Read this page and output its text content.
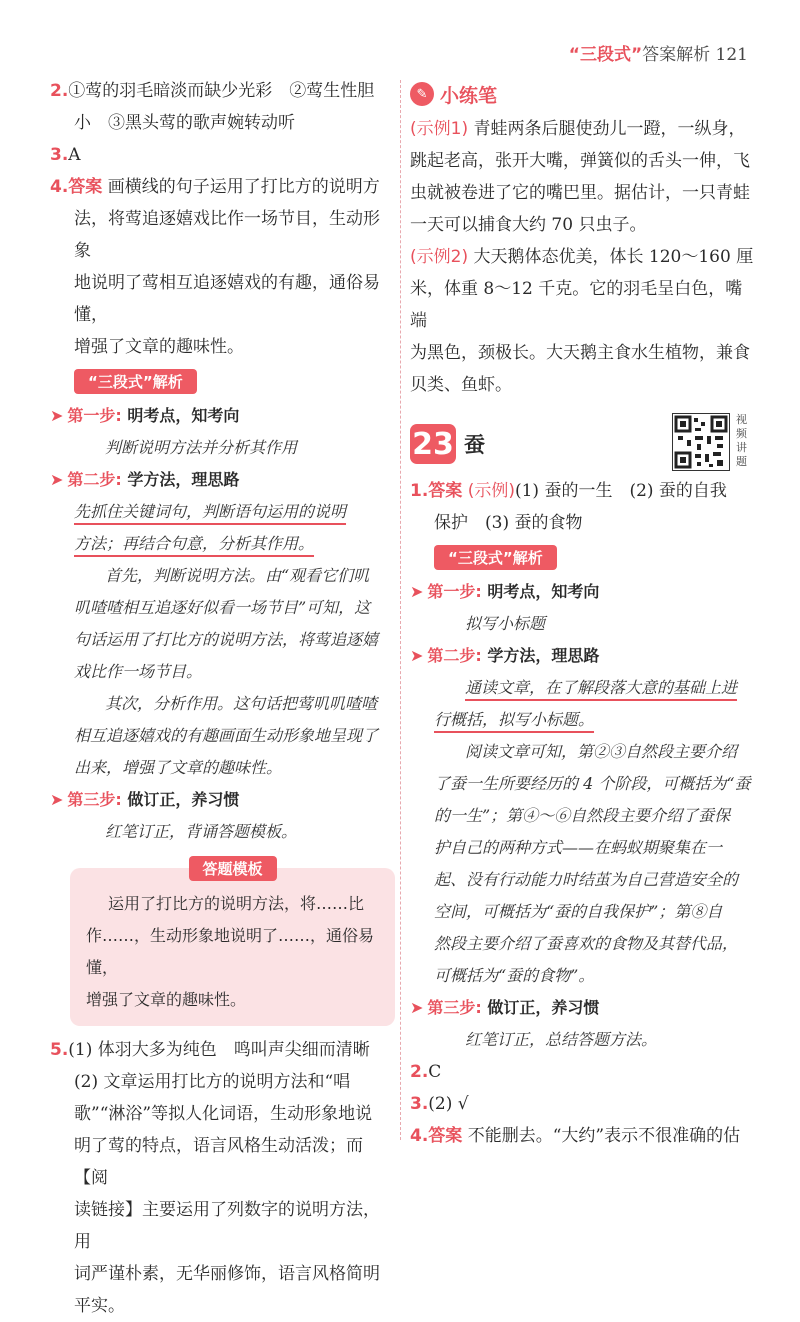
“三段式”答案解析 121

2.①莺的羽毛暗淡而缺少光彩　②莺生性胆

小　③黑头莺的歌声婉转动听

3.A

4.答案 画横线的句子运用了打比方的说明方

法，将莺追逐嬉戏比作一场节目，生动形象

地说明了莺相互追逐嬉戏的有趣，通俗易懂，

增强了文章的趣味性。

“三段式”解析

➤ 第一步: 明考点，知考向

判断说明方法并分析其作用

➤ 第二步: 学方法，理思路

先抓住关键词句，判断语句运用的说明

方法；再结合句意，分析其作用。

首先，判断说明方法。由“观看它们叽

叽喳喳相互追逐好似看一场节目”可知，这

句话运用了打比方的说明方法，将莺追逐嬉

戏比作一场节目。

其次，分析作用。这句话把莺叽叽喳喳

相互追逐嬉戏的有趣画面生动形象地呈现了

出来，增强了文章的趣味性。

➤ 第三步: 做订正，养习惯

红笔订正，背诵答题模板。

答题模板

运用了打比方的说明方法，将……比

作……，生动形象地说明了……，通俗易懂，

增强了文章的趣味性。

5.(1) 体羽大多为纯色　鸣叫声尖细而清晰

(2) 文章运用打比方的说明方法和“唱

歌”“淋浴”等拟人化词语，生动形象地说

明了莺的特点，语言风格生动活泼；而【阅

读链接】主要运用了列数字的说明方法，用

词严谨朴素，无华丽修饰，语言风格简明

平实。

✎ 小练笔

(示例1) 青蛙两条后腿使劲儿一蹬，一纵身，

跳起老高，张开大嘴，弹簧似的舌头一伸，飞

虫就被卷进了它的嘴巴里。据估计，一只青蛙

一天可以捕食大约 70 只虫子。

(示例2) 大天鹅体态优美，体长 120～160 厘

米，体重 8～12 千克。它的羽毛呈白色，嘴端

为黑色，颈极长。大天鹅主食水生植物，兼食

贝类、鱼虾。

23 蚕
视频讲题

1.答案 (示例)(1) 蚕的一生　(2) 蚕的自我

保护　(3) 蚕的食物

“三段式”解析

➤ 第一步: 明考点，知考向

拟写小标题

➤ 第二步: 学方法，理思路

通读文章，在了解段落大意的基础上进

行概括，拟写小标题。

阅读文章可知，第②③自然段主要介绍

了蚕一生所要经历的 4 个阶段，可概括为“蚕

的一生”；第④～⑥自然段主要介绍了蚕保

护自己的两种方式——在蚂蚁期聚集在一

起、没有行动能力时结茧为自己营造安全的

空间，可概括为“蚕的自我保护”；第⑧自

然段主要介绍了蚕喜欢的食物及其替代品，

可概括为“蚕的食物”。

➤ 第三步: 做订正，养习惯

红笔订正，总结答题方法。

2.C

3.(2) √

4.答案 不能删去。“大约”表示不很准确的估
